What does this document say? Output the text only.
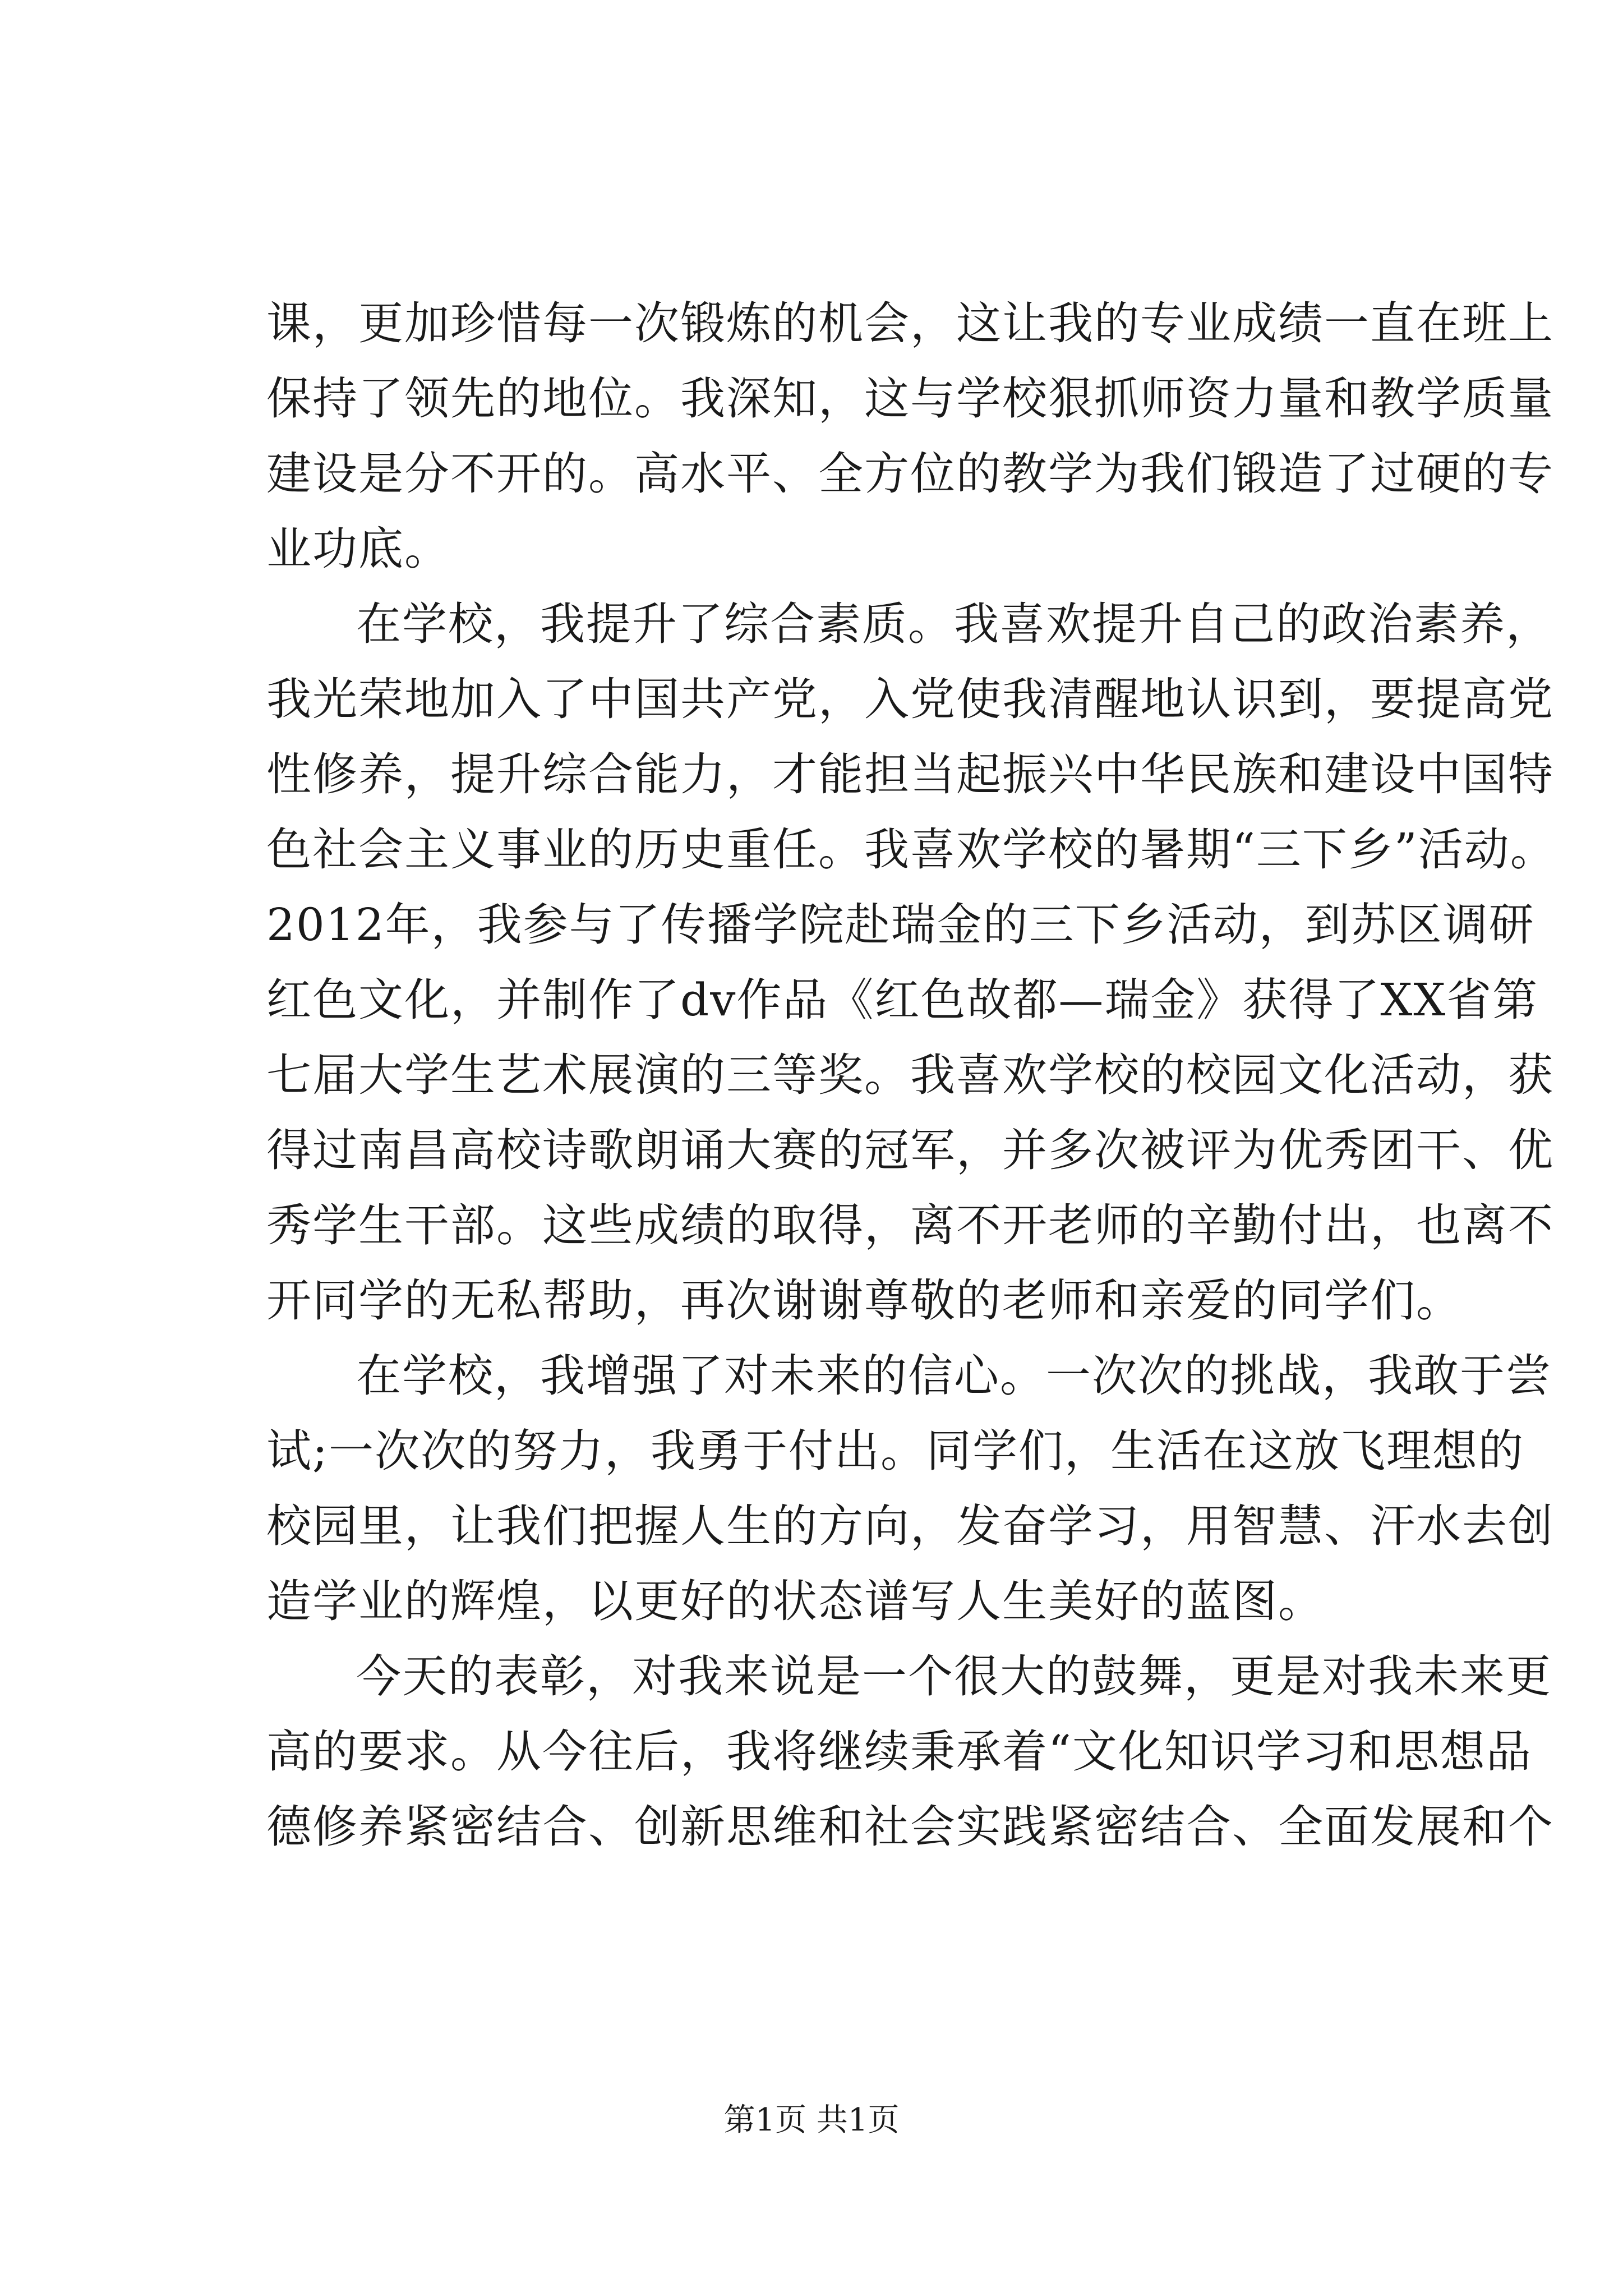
课，更加珍惜每一次锻炼的机会，这让我的专业成绩一直在班上
保持了领先的地位。我深知，这与学校狠抓师资力量和教学质量
建设是分不开的。高水平、全方位的教学为我们锻造了过硬的专
业功底。
在学校，我提升了综合素质。我喜欢提升自己的政治素养，
我光荣地加入了中国共产党，入党使我清醒地认识到，要提高党
性修养，提升综合能力，才能担当起振兴中华民族和建设中国特
色社会主义事业的历史重任。我喜欢学校的暑期“三下乡”活动。
2012年，我参与了传播学院赴瑞金的三下乡活动，到苏区调研
红色文化，并制作了dv作品《红色故都—瑞金》获得了XX省第
七届大学生艺术展演的三等奖。我喜欢学校的校园文化活动，获
得过南昌高校诗歌朗诵大赛的冠军，并多次被评为优秀团干、优
秀学生干部。这些成绩的取得，离不开老师的辛勤付出，也离不
开同学的无私帮助，再次谢谢尊敬的老师和亲爱的同学们。
在学校，我增强了对未来的信心。一次次的挑战，我敢于尝
试;一次次的努力，我勇于付出。同学们，生活在这放飞理想的
校园里，让我们把握人生的方向，发奋学习，用智慧、汗水去创
造学业的辉煌，以更好的状态谱写人生美好的蓝图。
今天的表彰，对我来说是一个很大的鼓舞，更是对我未来更
高的要求。从今往后，我将继续秉承着“文化知识学习和思想品
德修养紧密结合、创新思维和社会实践紧密结合、全面发展和个
第1页 共1页
